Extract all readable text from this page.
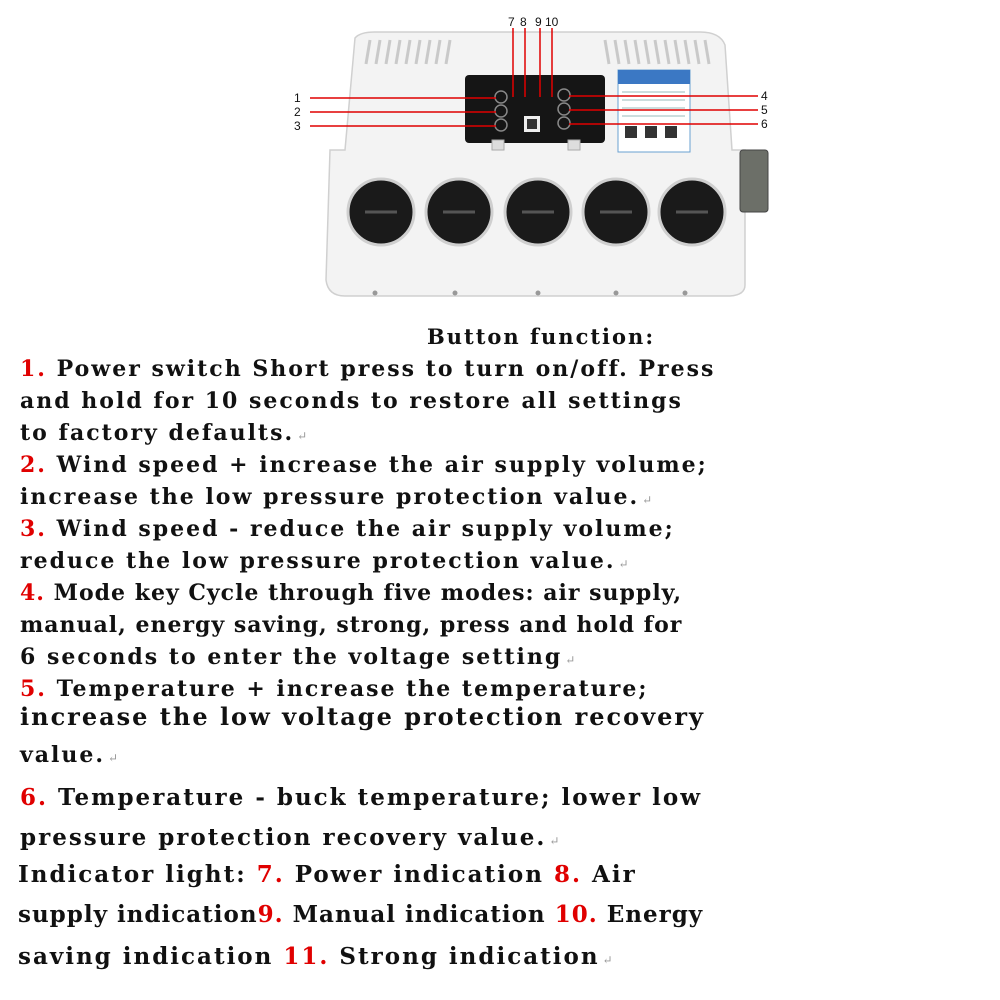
1
2
3
4
5
6
7 8 9 10
Button function:
1. Power switch Short press to turn on/off. Press
and hold for 10 seconds to restore all settings
to factory defaults. ↵
2. Wind speed + increase the air supply volume;
increase the low pressure protection value. ↵
3. Wind speed - reduce the air supply volume;
reduce the low pressure protection value. ↵
4. Mode key Cycle through five modes: air supply,
manual, energy saving, strong, press and hold for
6 seconds to enter the voltage setting ↵
5. Temperature + increase the temperature;
increase the low voltage protection recovery
value. ↵
6. Temperature - buck temperature; lower low
pressure protection recovery value. ↵
Indicator light: 7. Power indication 8. Air
supply indication9. Manual indication 10. Energy
saving indication 11. Strong indication ↵
